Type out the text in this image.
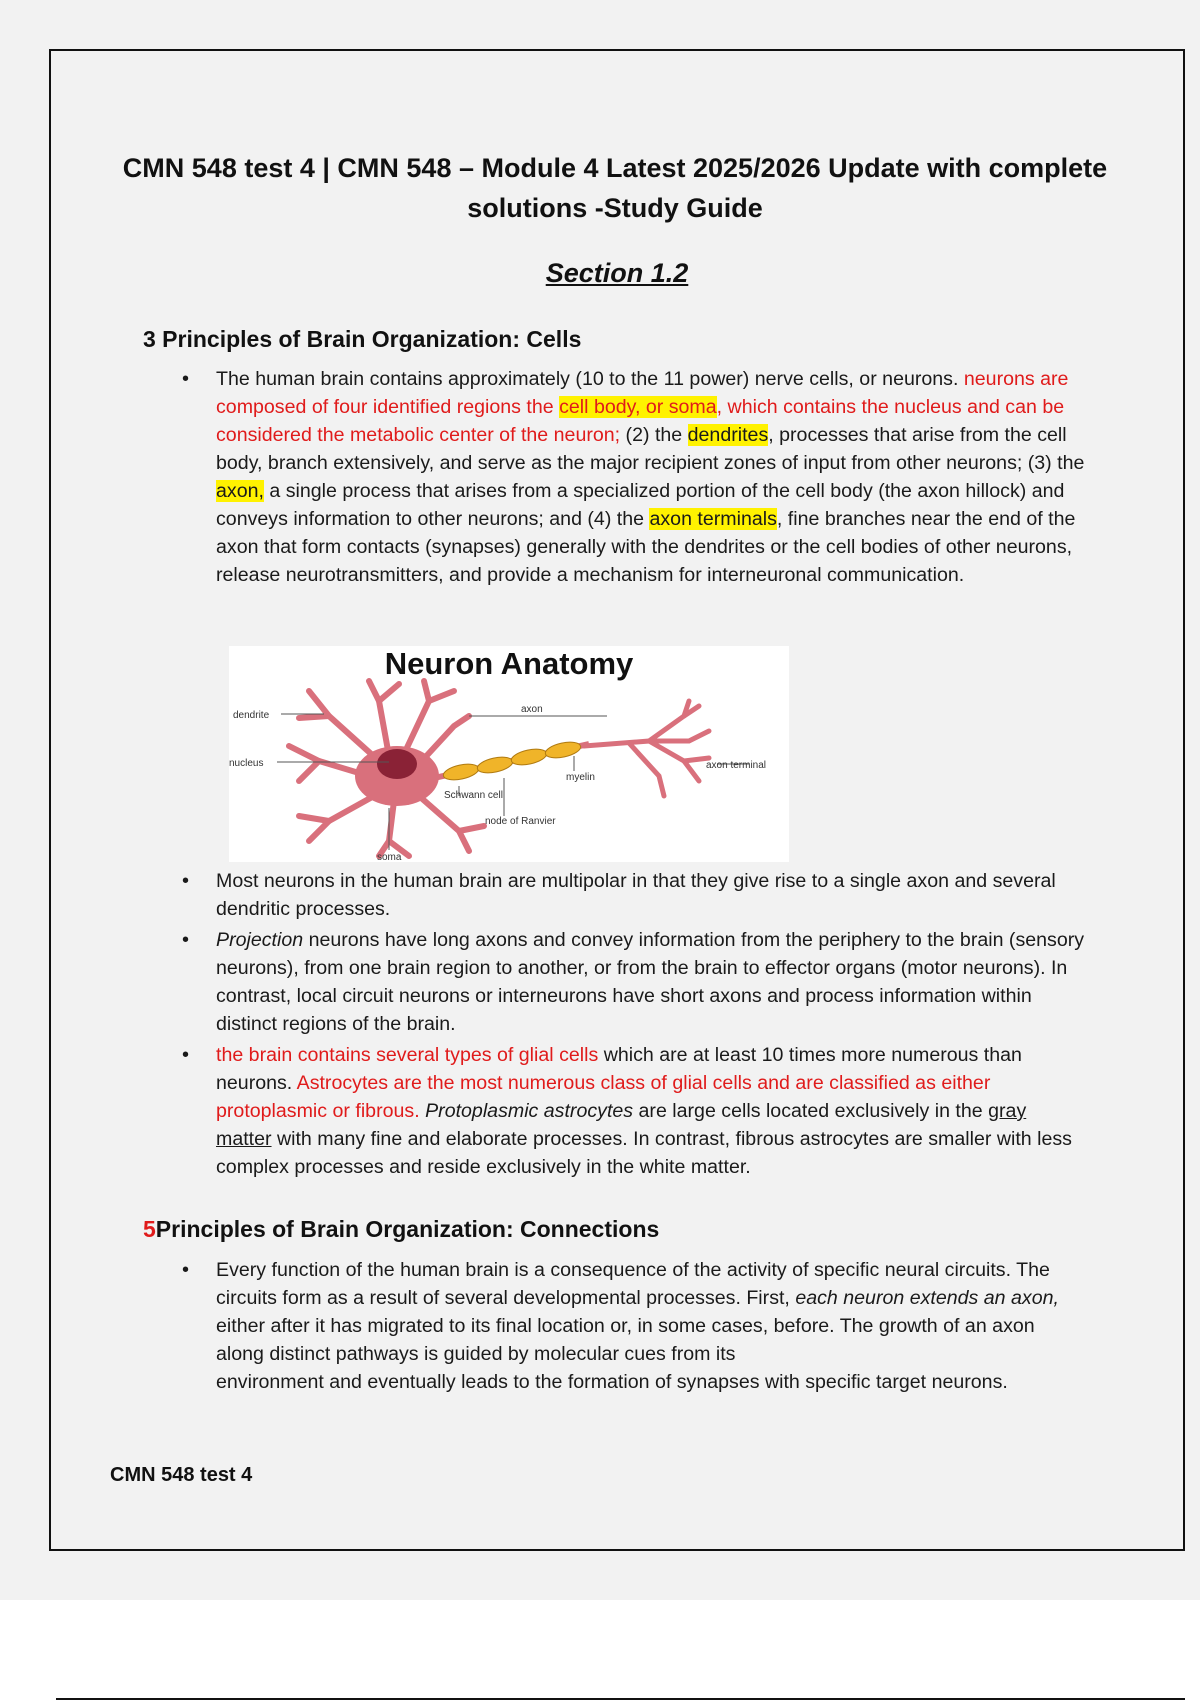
CMN 548 test 4 | CMN 548 – Module 4 Latest 2025/2026 Update with complete solutions -Study Guide
Section 1.2
3 Principles of Brain Organization: Cells
• The human brain contains approximately (10 to the 11 power) nerve cells, or neurons. neurons are composed of four identified regions the cell body, or soma, which contains the nucleus and can be considered the metabolic center of the neuron; (2) the dendrites, processes that arise from the cell body, branch extensively, and serve as the major recipient zones of input from other neurons; (3) the axon, a single process that arises from a specialized portion of the cell body (the axon hillock) and conveys information to other neurons; and (4) the axon terminals, fine branches near the end of the axon that form contacts (synapses) generally with the dendrites or the cell bodies of other neurons, release neurotransmitters, and provide a mechanism for interneuronal communication.
Neuron Anatomy
dendrite
nucleus
axon
myelin
axon terminal
Schwann cell
node of Ranvier
soma
• Most neurons in the human brain are multipolar in that they give rise to a single axon and several dendritic processes.
• Projection neurons have long axons and convey information from the periphery to the brain (sensory neurons), from one brain region to another, or from the brain to effector organs (motor neurons). In contrast, local circuit neurons or interneurons have short axons and process information within distinct regions of the brain.
• the brain contains several types of glial cells which are at least 10 times more numerous than neurons. Astrocytes are the most numerous class of glial cells and are classified as either protoplasmic or fibrous. Protoplasmic astrocytes are large cells located exclusively in the gray matter with many fine and elaborate processes. In contrast, fibrous astrocytes are smaller with less complex processes and reside exclusively in the white matter.
5Principles of Brain Organization: Connections
• Every function of the human brain is a consequence of the activity of specific neural circuits. The circuits form as a result of several developmental processes. First, each neuron extends an axon, either after it has migrated to its final location or, in some cases, before. The growth of an axon along distinct pathways is guided by molecular cues from its
environment and eventually leads to the formation of synapses with specific target neurons.
CMN 548 test 4
